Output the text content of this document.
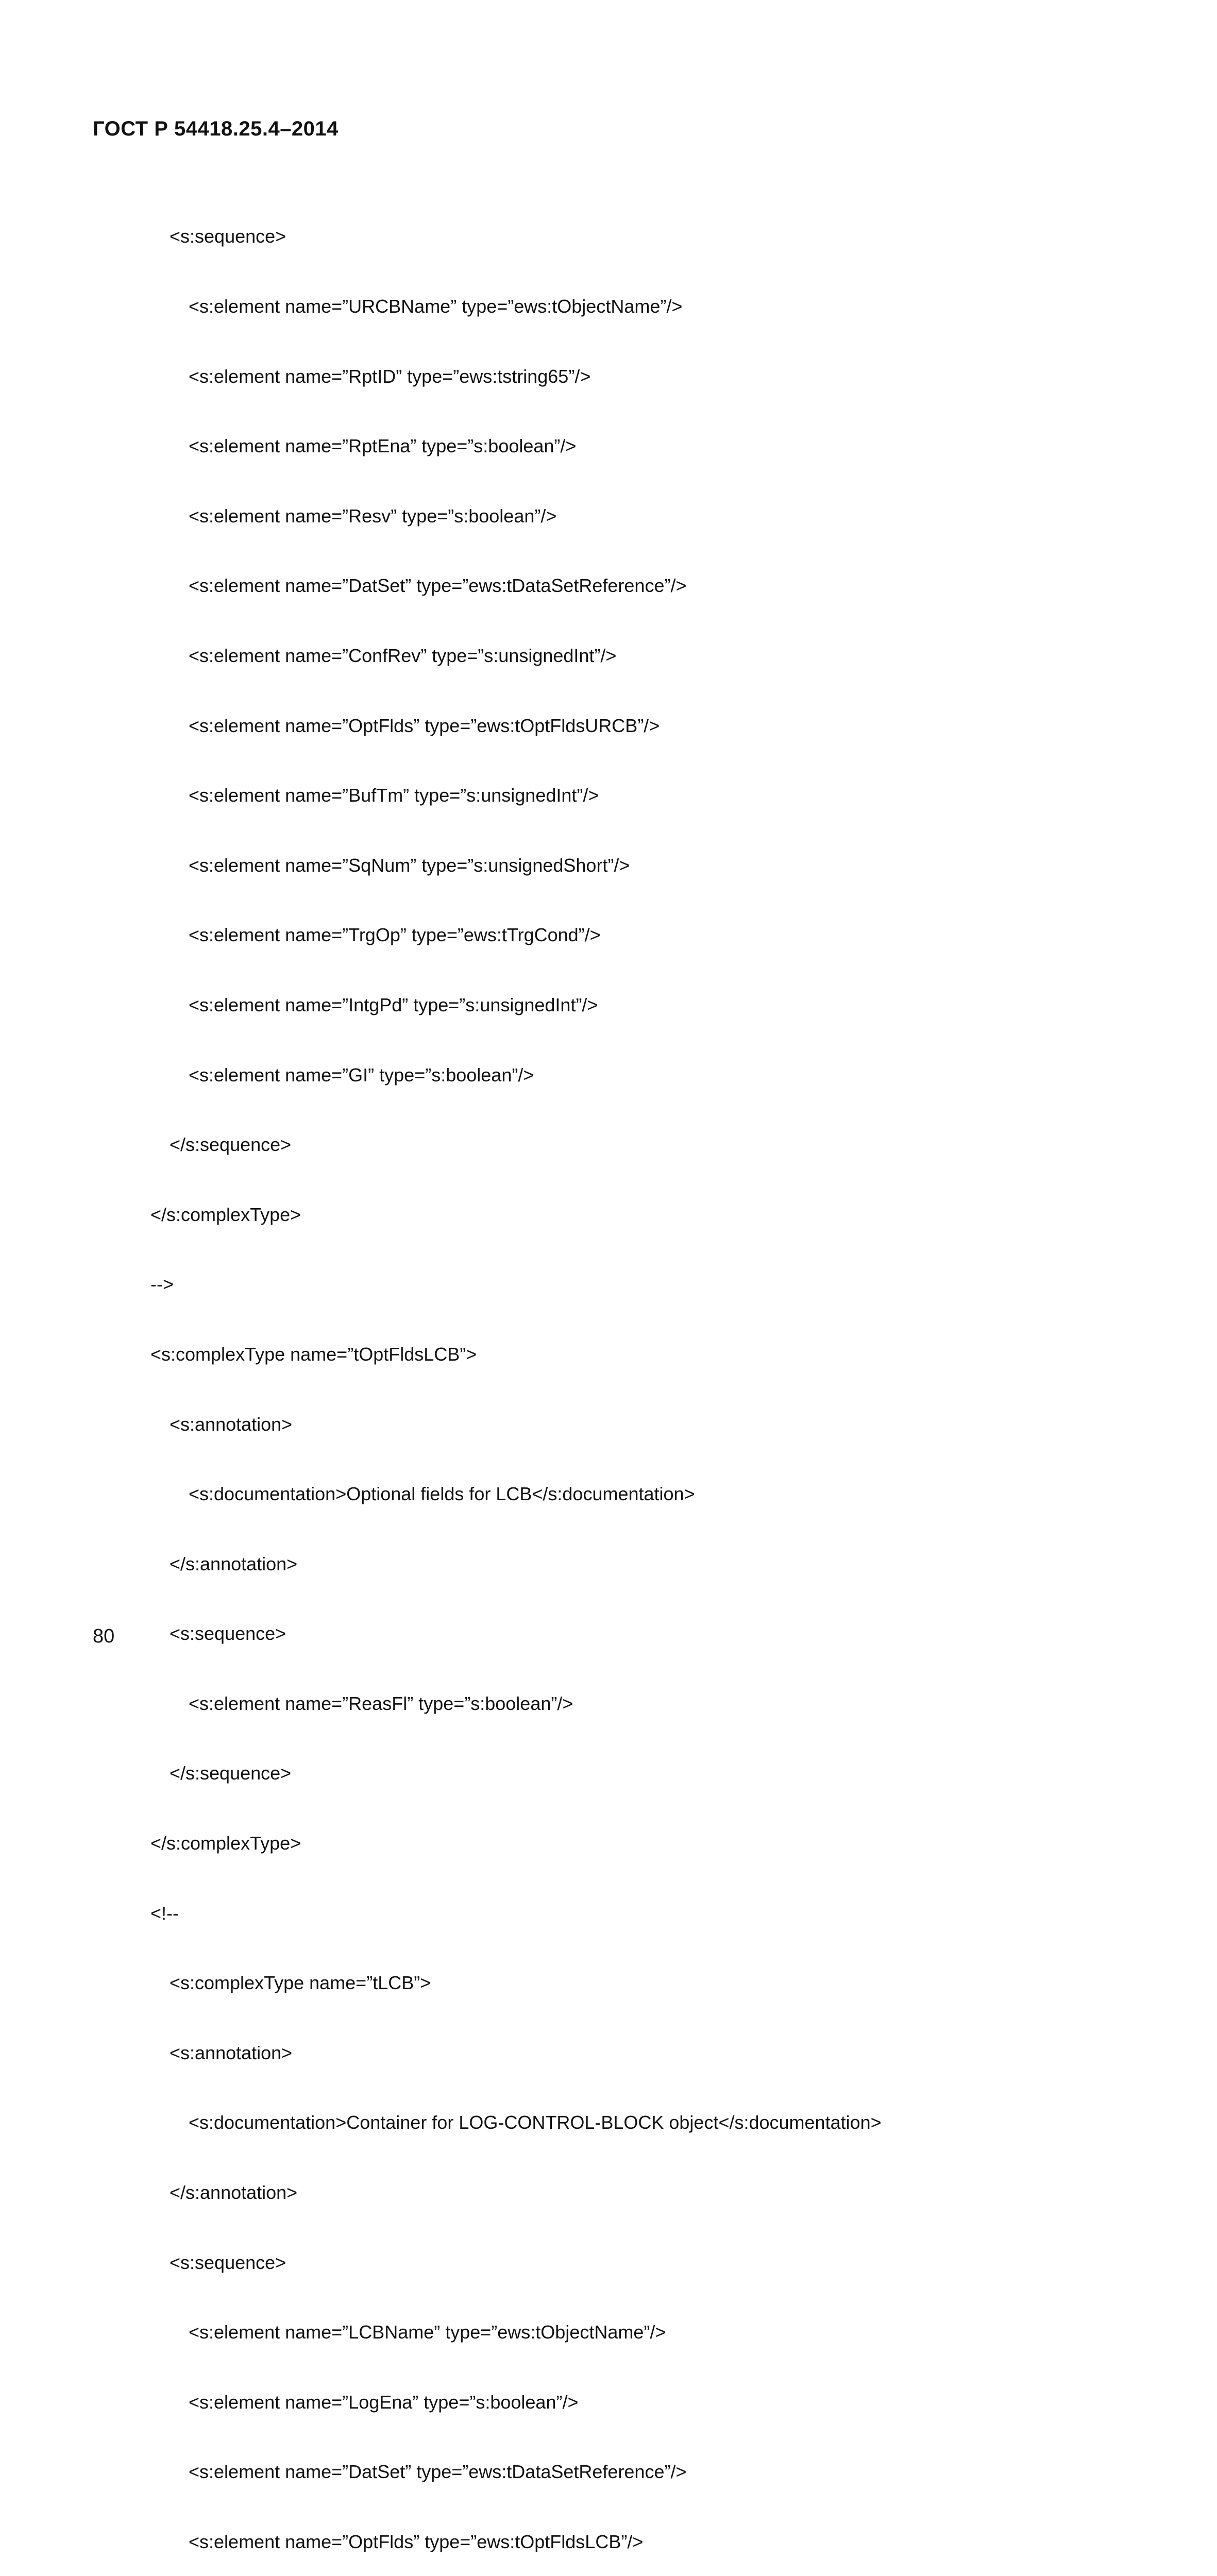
ГОСТ Р 54418.25.4–2014

<s:sequence>

<s:element name=”URCBName” type=”ews:tObjectName”/>

<s:element name=”RptID” type=”ews:tstring65”/>

<s:element name=”RptEna” type=”s:boolean”/>

<s:element name=”Resv” type=”s:boolean”/>

<s:element name=”DatSet” type=”ews:tDataSetReference”/>

<s:element name=”ConfRev” type=”s:unsignedInt”/>

<s:element name=”OptFlds” type=”ews:tOptFldsURCB”/>

<s:element name=”BufTm” type=”s:unsignedInt”/>

<s:element name=”SqNum” type=”s:unsignedShort”/>

<s:element name=”TrgOp” type=”ews:tTrgCond”/>

<s:element name=”IntgPd” type=”s:unsignedInt”/>

<s:element name=”GI” type=”s:boolean”/>

</s:sequence>

</s:complexType>

-->

<s:complexType name=”tOptFldsLCB”>

<s:annotation>

<s:documentation>Optional fields for LCB</s:documentation>

</s:annotation>

<s:sequence>

<s:element name=”ReasFl” type=”s:boolean”/>

</s:sequence>

</s:complexType>

<!--

<s:complexType name=”tLCB”>

<s:annotation>

<s:documentation>Container for LOG-CONTROL-BLOCK object</s:documentation>

</s:annotation>

<s:sequence>

<s:element name=”LCBName” type=”ews:tObjectName”/>

<s:element name=”LogEna” type=”s:boolean”/>

<s:element name=”DatSet” type=”ews:tDataSetReference”/>

<s:element name=”OptFlds” type=”ews:tOptFldsLCB”/>

80
